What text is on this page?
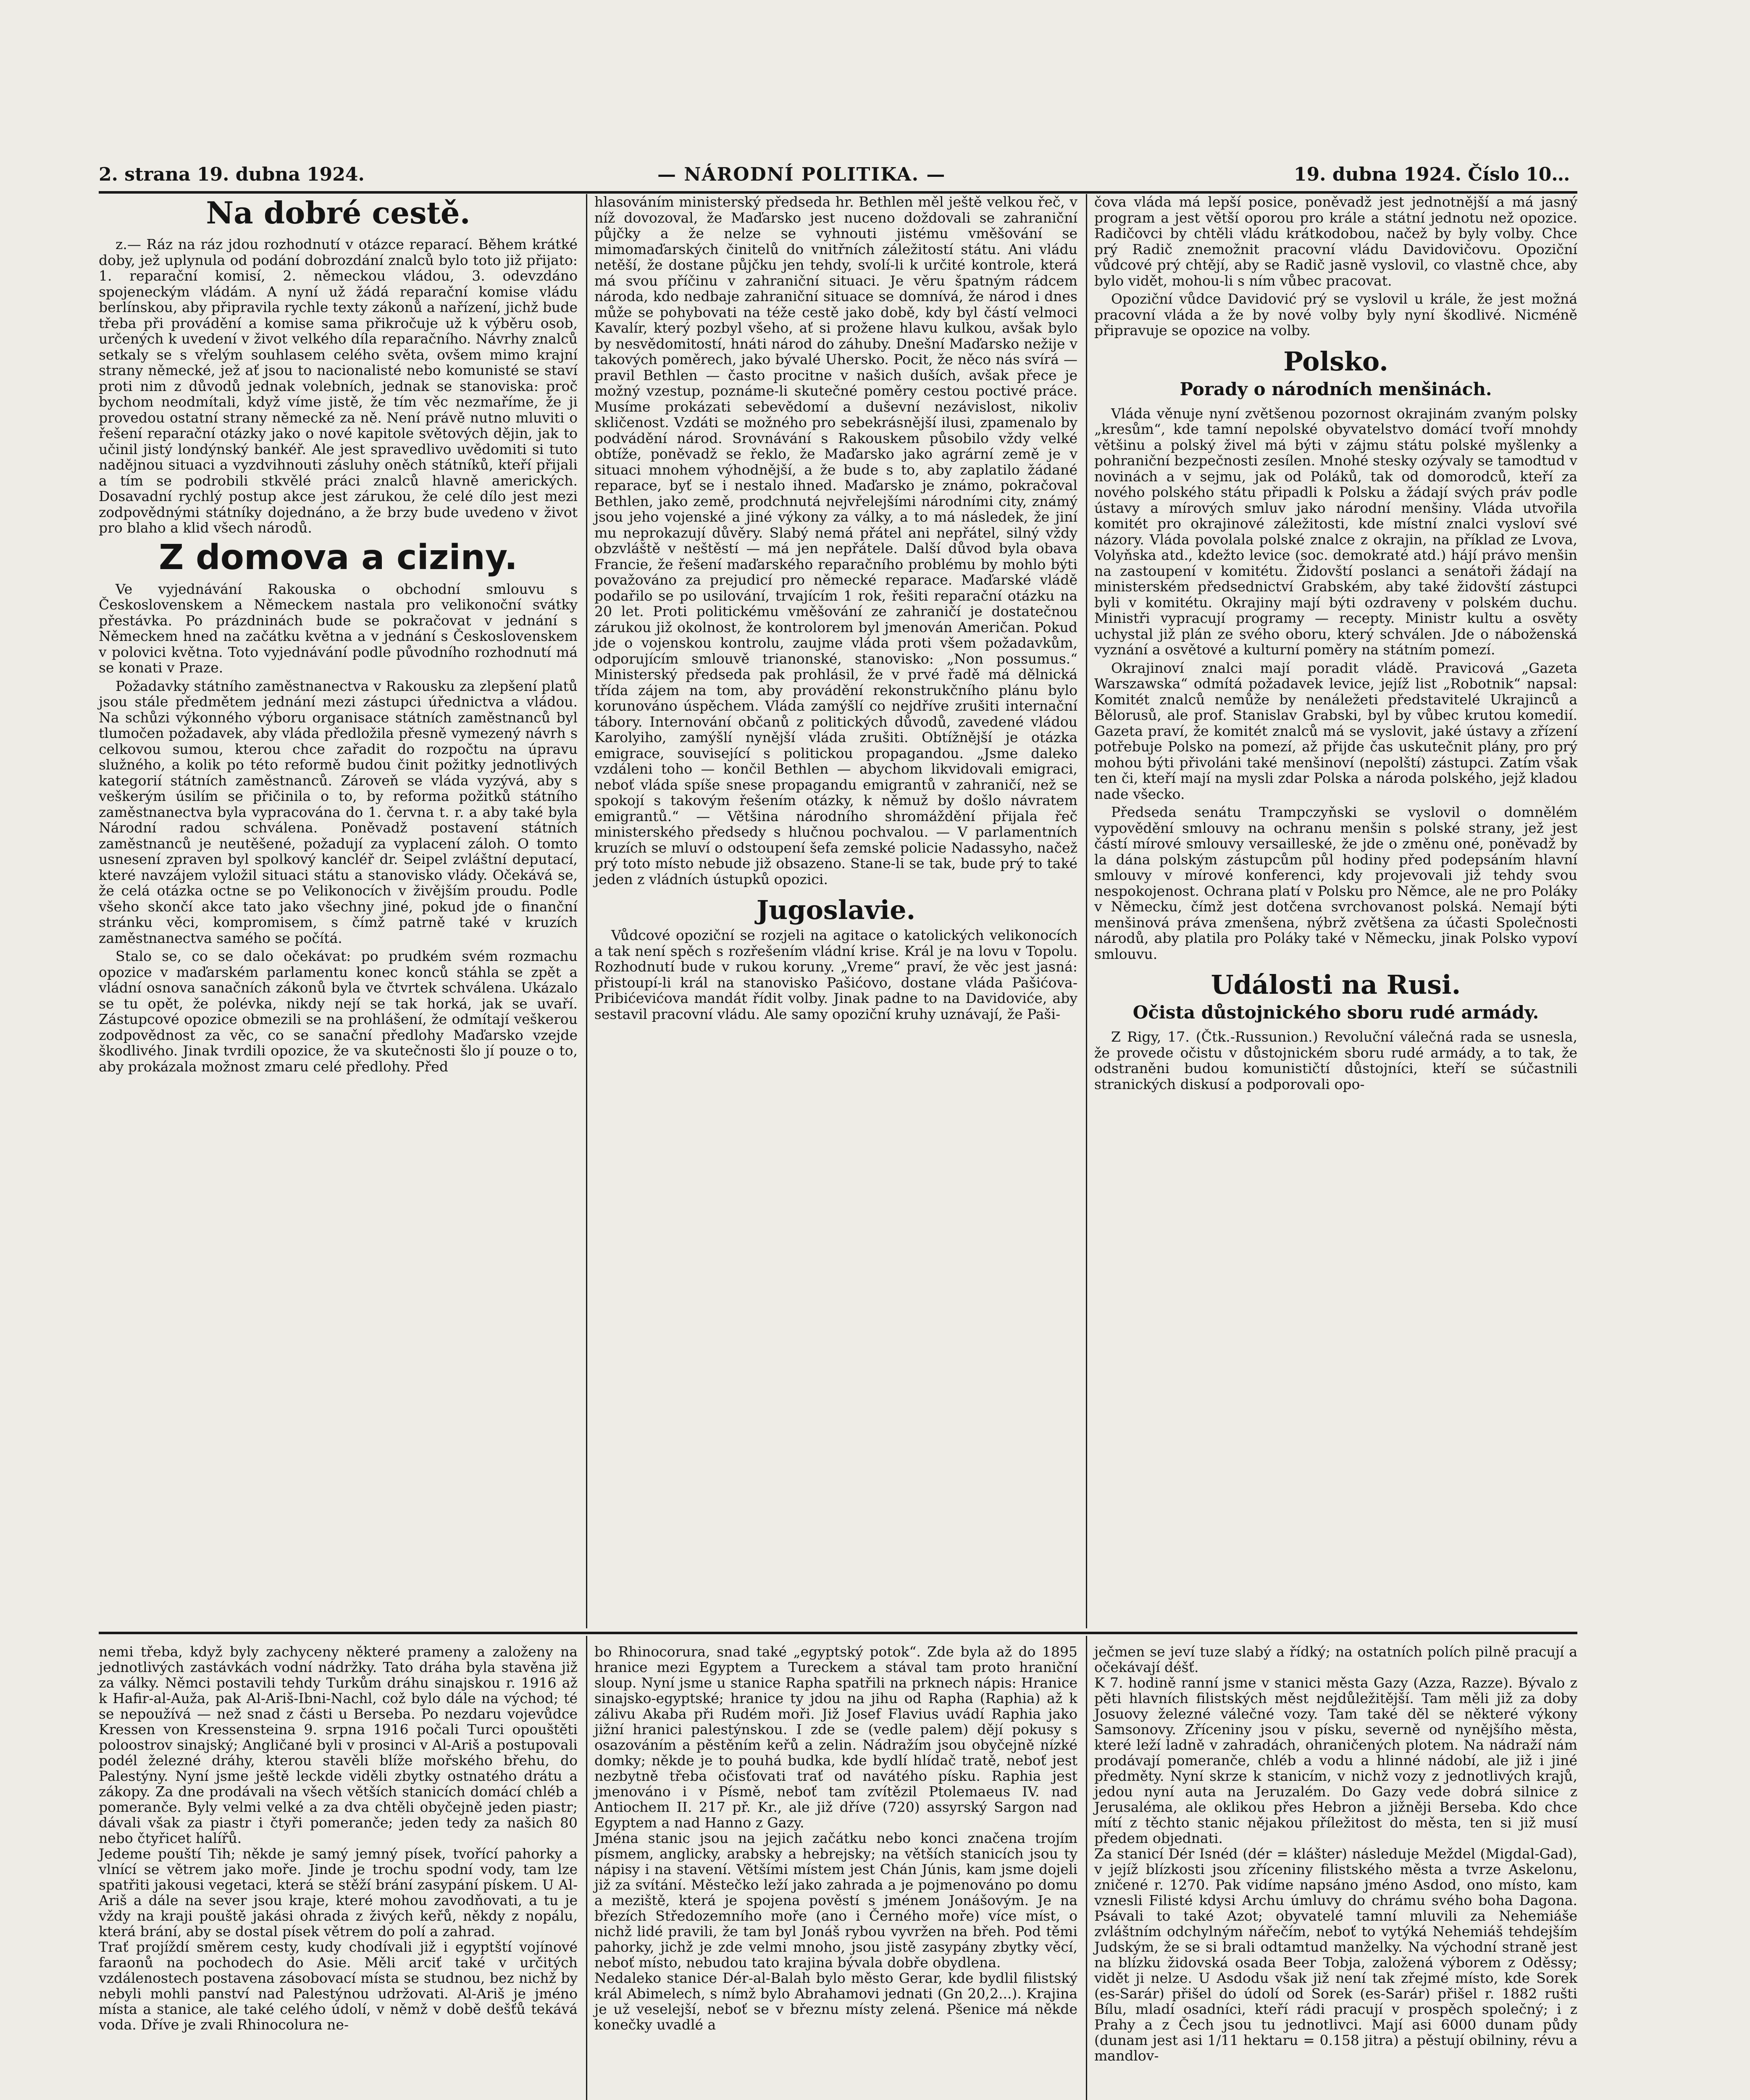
2. strana 19. dubna 1924.	— NÁRODNÍ POLITIKA. —	19. dubna 1924. Číslo 10…
Na dobré cestě.

z.— Ráz na ráz jdou rozhodnutí v otázce reparací. Během krátké doby, jež uplynula od podání dobrozdání znalců bylo toto již přijato: 1. reparační komisí, 2. německou vládou, 3. odevzdáno spojeneckým vládám. A nyní už žádá reparační komise vládu berlínskou, aby připravila rychle texty zákonů a nařízení, jichž bude třeba při provádění a komise sama přikročuje už k výběru osob, určených k uvedení v život velkého díla reparačního. Návrhy znalců setkaly se s vřelým souhlasem celého světa, ovšem mimo krajní strany německé, jež ať jsou to nacionalisté nebo komunisté se staví proti nim z důvodů jednak volebních, jednak se stanoviska: proč bychom neodmítali, když víme jistě, že tím věc nezmaříme, že ji provedou ostatní strany německé za ně. Není právě nutno mluviti o řešení reparační otázky jako o nové kapitole světových dějin, jak to učinil jistý londýnský bankéř. Ale jest spravedlivo uvědomiti si tuto nadějnou situaci a vyzdvihnouti zásluhy oněch státníků, kteří přijali a tím se podrobili stkvělé práci znalců hlavně amerických. Dosavadní rychlý postup akce jest zárukou, že celé dílo jest mezi zodpovědnými státníky dojednáno, a že brzy bude uvedeno v život pro blaho a klid všech národů.

Z domova a ciziny.

Ve vyjednávání Rakouska o obchodní smlouvu s Československem a Německem nastala pro velikonoční svátky přestávka. Po prázdninách bude se pokračovat v jednání s Německem hned na začátku května a v jednání s Československem v polovici května. Toto vyjednávání podle původního rozhodnutí má se konati v Praze.

Požadavky státního zaměstnanectva v Rakousku za zlepšení platů jsou stále předmětem jednání mezi zástupci úřednictva a vládou. Na schůzi výkonného výboru organisace státních zaměstnanců byl tlumočen požadavek, aby vláda předložila přesně vymezený návrh s celkovou sumou, kterou chce zařadit do rozpočtu na úpravu služného, a kolik po této reformě budou činit požitky jednotlivých kategorií státních zaměstnanců. Zároveň se vláda vyzývá, aby s veškerým úsilím se přičinila o to, by reforma požitků státního zaměstnanectva byla vypracována do 1. června t. r. a aby také byla Národní radou schválena. Poněvadž postavení státních zaměstnanců je neutěšené, požadují za vyplacení záloh. O tomto usnesení zpraven byl spolkový kancléř dr. Seipel zvláštní deputací, které navzájem vyložil situaci státu a stanovisko vlády. Očekává se, že celá otázka octne se po Velikonocích v živějším proudu. Podle všeho skončí akce tato jako všechny jiné, pokud jde o finanční stránku věci, kompromisem, s čímž patrně také v kruzích zaměstnanectva samého se počítá.

Stalo se, co se dalo očekávat: po prudkém svém rozmachu opozice v maďarském parlamentu konec konců stáhla se zpět a vládní osnova sanačních zákonů byla ve čtvrtek schválena. Ukázalo se tu opět, že polévka, nikdy nejí se tak horká, jak se uvaří. Zástupcové opozice obmezili se na prohlášení, že odmítají veškerou zodpovědnost za věc, co se sanační předlohy Maďarsko vzejde škodlivého. Jinak tvrdili opozice, že va skutečnosti šlo jí pouze o to, aby prokázala možnost zmaru celé předlohy. Před

hlasováním ministerský předseda hr. Bethlen měl ještě velkou řeč, v níž dovozoval, že Maďarsko jest nuceno doždovali se zahraniční půjčky a že nelze se vyhnouti jistému vměšování se mimomaďarských činitelů do vnitřních záležitostí státu. Ani vládu netěší, že dostane půjčku jen tehdy, svolí-li k určité kontrole, která má svou příčinu v zahraniční situaci. Je věru špatným rádcem národa, kdo nedbaje zahraniční situace se domnívá, že národ i dnes může se pohybovati na téže cestě jako době, kdy byl částí velmoci Kavalír, který pozbyl všeho, ať si prožene hlavu kulkou, avšak bylo by nesvědomitostí, hnáti národ do záhuby. Dnešní Maďarsko nežije v takových poměrech, jako bývalé Uhersko. Pocit, že něco nás svírá — pravil Bethlen — často procitne v našich duších, avšak přece je možný vzestup, poznáme-li skutečné poměry cestou poctivé práce. Musíme prokázati sebevědomí a duševní nezávislost, nikoliv skličenost. Vzdáti se možného pro sebekrásnější ilusi, zpamenalo by podvádění národ. Srovnávání s Rakouskem působilo vždy velké obtíže, poněvadž se řeklo, že Maďarsko jako agrární země je v situaci mnohem výhodnější, a že bude s to, aby zaplatilo žádané reparace, byť se i nestalo ihned. Maďarsko je známo, pokračoval Bethlen, jako země, prodchnutá nejvřelejšími národními city, známý jsou jeho vojenské a jiné výkony za války, a to má následek, že jiní mu neprokazují důvěry. Slabý nemá přátel ani nepřátel, silný vždy obzvláště v neštěstí — má jen nepřátele. Další důvod byla obava Francie, že řešení maďarského reparačního problému by mohlo býti považováno za prejudicí pro německé reparace. Maďarské vládě podařilo se po usilování, trvajícím 1 rok, řešiti reparační otázku na 20 let. Proti politickému vměšování ze zahraničí je dostatečnou zárukou již okolnost, že kontrolorem byl jmenován Američan. Pokud jde o vojenskou kontrolu, zaujme vláda proti všem požadavkům, odporujícím smlouvě trianonské, stanovisko: „Non possumus.“ Ministerský předseda pak prohlásil, že v prvé řadě má dělnická třída zájem na tom, aby provádění rekonstrukčního plánu bylo korunováno úspěchem. Vláda zamýšlí co nejdříve zrušiti internační tábory. Internování občanů z politických důvodů, zavedené vládou Karolyiho, zamýšlí nynější vláda zrušiti. Obtížnější je otázka emigrace, související s politickou propagandou. „Jsme daleko vzdáleni toho — končil Bethlen — abychom likvidovali emigraci, neboť vláda spíše snese propagandu emigrantů v zahraničí, než se spokojí s takovým řešením otázky, k němuž by došlo návratem emigrantů.“ — Většina národního shromáždění přijala řeč ministerského předsedy s hlučnou pochvalou. — V parlamentních kruzích se mluví o odstoupení šefa zemské policie Nadassyho, načež prý toto místo nebude již obsazeno. Stane-li se tak, bude prý to také jeden z vládních ústupků opozici.

Jugoslavie.

Vůdcové opoziční se rozjeli na agitace o katolických velikonocích a tak není spěch s rozřešením vládní krise. Král je na lovu v Topolu. Rozhodnutí bude v rukou koruny. „Vreme“ praví, že věc jest jasná: přistoupí-li král na stanovisko Pašićovo, dostane vláda Pašićova-Pribićevićova mandát řídit volby. Jinak padne to na Davidoviće, aby sestavil pracovní vládu. Ale samy opoziční kruhy uznávají, že Paši-

čova vláda má lepší posice, poněvadž jest jednotnější a má jasný program a jest větší oporou pro krále a státní jednotu než opozice. Radičovci by chtěli vládu krátkodobou, načež by byly volby. Chce prý Radič znemožnit pracovní vládu Davidovičovu. Opoziční vůdcové prý chtějí, aby se Radič jasně vyslovil, co vlastně chce, aby bylo vidět, mohou-li s ním vůbec pracovat.

Opoziční vůdce Davidović prý se vyslovil u krále, že jest možná pracovní vláda a že by nové volby byly nyní škodlivé. Nicméně připravuje se opozice na volby.

Polsko.
Porady o národních menšinách.

Vláda věnuje nyní zvětšenou pozornost okrajinám zvaným polsky „kresům“, kde tamní nepolské obyvatelstvo domácí tvoří mnohdy většinu a polský živel má býti v zájmu státu polské myšlenky a pohraniční bezpečnosti zesílen. Mnohé stesky ozývaly se tamodtud v novinách a v sejmu, jak od Poláků, tak od domorodců, kteří za nového polského státu připadli k Polsku a žádají svých práv podle ústavy a mírových smluv jako národní menšiny. Vláda utvořila komitét pro okrajinové záležitosti, kde místní znalci vysloví své názory. Vláda povolala polské znalce z okrajin, na příklad ze Lvova, Volyňska atd., kdežto levice (soc. demokraté atd.) hájí právo menšin na zastoupení v komitétu. Židovští poslanci a senátoři žádají na ministerském předsednictví Grabském, aby také židovští zástupci byli v komitétu. Okrajiny mají býti ozdraveny v polském duchu. Ministři vypracují programy — recepty. Ministr kultu a osvěty uchystal již plán ze svého oboru, který schválen. Jde o náboženská vyznání a osvětové a kulturní poměry na státním pomezí.

Okrajinoví znalci mají poradit vládě. Pravicová „Gazeta Warszawska“ odmítá požadavek levice, jejíž list „Robotnik“ napsal: Komitét znalců nemůže by nenáležeti představitelé Ukrajinců a Bělorusů, ale prof. Stanislav Grabski, byl by vůbec krutou komedií. Gazeta praví, že komitét znalců má se vyslovit, jaké ústavy a zřízení potřebuje Polsko na pomezí, až přijde čas uskutečnit plány, pro prý mohou býti přivoláni také menšinoví (nepolští) zástupci. Zatím však ten či, kteří mají na mysli zdar Polska a národa polského, jejž kladou nade všecko.

Předseda senátu Trampczyňski se vyslovil o domnělém vypovědění smlouvy na ochranu menšin s polské strany, jež jest částí mírové smlouvy versailleské, že jde o změnu oné, poněvadž by la dána polským zástupcům půl hodiny před podepsáním hlavní smlouvy v mírové konferenci, kdy projevovali již tehdy svou nespokojenost. Ochrana platí v Polsku pro Němce, ale ne pro Poláky v Německu, čímž jest dotčena svrchovanost polská. Nemají býti menšinová práva zmenšena, nýbrž zvětšena za účasti Společnosti národů, aby platila pro Poláky také v Německu, jinak Polsko vypoví smlouvu.

Události na Rusi.
Očista důstojnického sboru rudé armády.

Z Rigy, 17. (Čtk.-Russunion.) Revoluční válečná rada se usnesla, že provede očistu v důstojnickém sboru rudé armády, a to tak, že odstraněni budou komunističtí důstojníci, kteří se súčastnili stranických diskusí a podporovali opo-

nemi třeba, když byly zachyceny některé prameny a založeny na jednotlivých zastávkách vodní nádržky. Tato dráha byla stavěna již za války. Němci postavili tehdy Turkům dráhu sinajskou r. 1916 až k Hafir-al-Auža, pak Al-Ariš-Ibni-Nachl, což bylo dále na východ; té se nepoužívá — než snad z části u Berseba. Po nezdaru vojevůdce Kressen von Kressensteina 9. srpna 1916 počali Turci opouštěti poloostrov sinajský; Angličané byli v prosinci v Al-Ariš a postupovali podél železné dráhy, kterou stavěli blíže mořského břehu, do Palestýny. Nyní jsme ještě leckde viděli zbytky ostnatého drátu a zákopy. Za dne prodávali na všech větších stanicích domácí chléb a pomeranče. Byly velmi velké a za dva chtěli obyčejně jeden piastr; dávali však za piastr i čtyři pomeranče; jeden tedy za našich 80 nebo čtyřicet halířů.
Jedeme pouští Tih; někde je samý jemný písek, tvořící pahorky a vlnící se větrem jako moře. Jinde je trochu spodní vody, tam lze spatřiti jakousi vegetaci, která se stěží brání zasypání pískem. U Al-Ariš a dále na sever jsou kraje, které mohou zavodňovati, a tu je vždy na kraji pouště jakási ohrada z živých keřů, někdy z nopálu, která brání, aby se dostal písek větrem do polí a zahrad.
Trať projíždí směrem cesty, kudy chodívali již i egyptští vojínové faraonů na pochodech do Asie. Měli arciť také v určitých vzdálenostech postavena zásobovací místa se studnou, bez nichž by nebyli mohli panství nad Palestýnou udržovati. Al-Ariš je jméno místa a stanice, ale také celého údolí, v němž v době dešťů tekává voda. Dříve je zvali Rhinocolura ne-

bo Rhinocorura, snad také „egyptský potok“. Zde byla až do 1895 hranice mezi Egyptem a Tureckem a stával tam proto hraniční sloup. Nyní jsme u stanice Rapha spatřili na prknech nápis: Hranice sinajsko-egyptské; hranice ty jdou na jihu od Rapha (Raphia) až k zálivu Akaba při Rudém moři. Již Josef Flavius uvádí Raphia jako jižní hranici palestýnskou. I zde se (vedle palem) dějí pokusy s osazováním a pěstěním keřů a zelin. Nádražím jsou obyčejně nízké domky; někde je to pouhá budka, kde bydlí hlídač tratě, neboť jest nezbytně třeba očisťovati trať od navátého písku. Raphia jest jmenováno i v Písmě, neboť tam zvítězil Ptolemaeus IV. nad Antiochem II. 217 př. Kr., ale již dříve (720) assyrský Sargon nad Egyptem a nad Hanno z Gazy.
Jména stanic jsou na jejich začátku nebo konci značena trojím písmem, anglicky, arabsky a hebrejsky; na větších stanicích jsou ty nápisy i na stavení. Většími místem jest Chán Júnis, kam jsme dojeli již za svítání. Městečko leží jako zahrada a je pojmenováno po domu a meziště, která je spojena pověstí s jménem Jonášovým. Je na březích Středozemního moře (ano i Černého moře) více míst, o nichž lidé pravili, že tam byl Jonáš rybou vyvržen na břeh. Pod těmi pahorky, jichž je zde velmi mnoho, jsou jistě zasypány zbytky věcí, neboť místo, nebudou tato krajina bývala dobře obydlena.
Nedaleko stanice Dér-al-Balah bylo město Gerar, kde bydlil filistský král Abimelech, s nímž bylo Abrahamovi jednati (Gn 20,2...). Krajina je už veselejší, neboť se v březnu místy zelená. Pšenice má někde konečky uvadlé a

ječmen se jeví tuze slabý a řídký; na ostatních polích pilně pracují a očekávají déšť.
K 7. hodině ranní jsme v stanici města Gazy (Azza, Razze). Bývalo z pěti hlavních filistských měst nejdůležitější. Tam měli již za doby Josuovy železné válečné vozy. Tam také děl se některé výkony Samsonovy. Zříceniny jsou v písku, severně od nynějšího města, které leží ladně v zahradách, ohraničených plotem. Na nádraží nám prodávají pomeranče, chléb a vodu a hlinné nádobí, ale již i jiné předměty. Nyní skrze k stanicím, v nichž vozy z jednotlivých krajů, jedou nyní auta na Jeruzalém. Do Gazy vede dobrá silnice z Jerusaléma, ale oklikou přes Hebron a jižněji Berseba. Kdo chce mítí z těchto stanic nějakou příležitost do města, ten si již musí předem objednati.
Za stanicí Dér Isnéd (dér = klášter) následuje Meždel (Migdal-Gad), v jejíž blízkosti jsou zříceniny filistského města a tvrze Askelonu, zničené r. 1270. Pak vidíme napsáno jméno Asdod, ono místo, kam vznesli Filisté kdysi Archu úmluvy do chrámu svého boha Dagona. Psávali to také Azot; obyvatelé tamní mluvili za Nehemiáše zvláštním odchylným nářečím, neboť to vytýká Nehemiáš tehdejším Judským, že se si brali odtamtud manželky. Na východní straně jest na blízku židovská osada Beer Tobja, založená výborem z Oděssy; vidět ji nelze. U Asdodu však již není tak zřejmé místo, kde Sorek (es-Sarár) přišel do údolí od Sorek (es-Sarár) přišel r. 1882 rušti Bílu, mladí osadníci, kteří rádi pracují v prospěch společný; i z Prahy a z Čech jsou tu jednotlivci. Mají asi 6000 dunam půdy (dunam jest asi 1/11 hektaru = 0.158 jitra) a pěstují obilniny, révu a mandlov-
